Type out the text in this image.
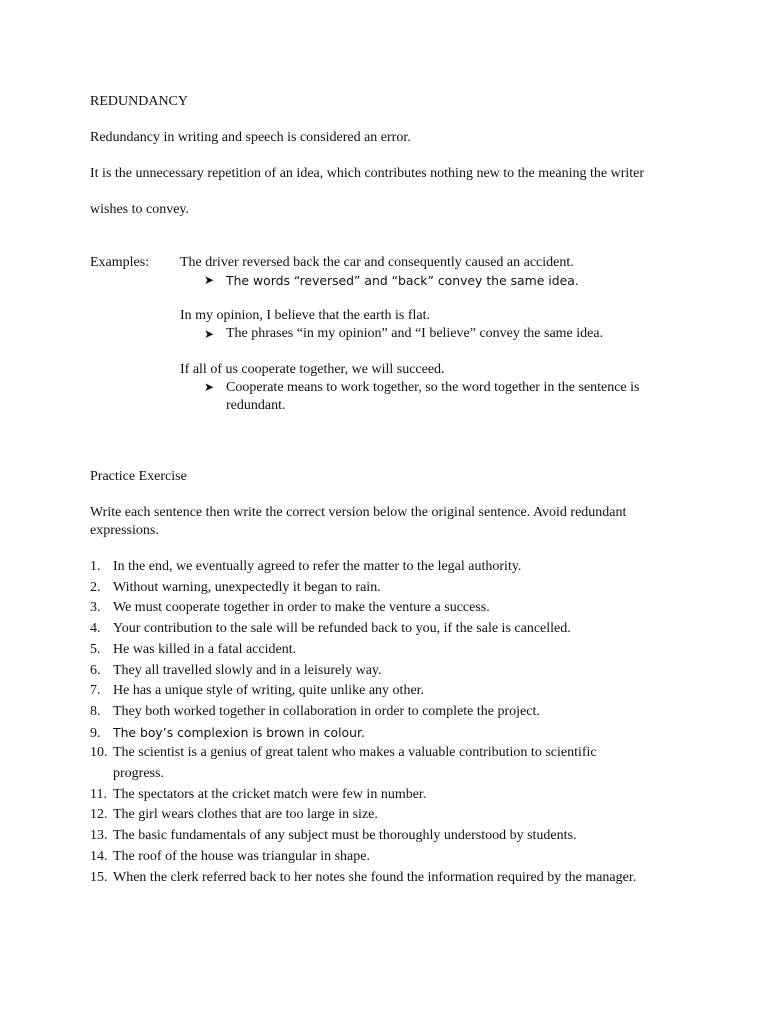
REDUNDANCY
Redundancy in writing and speech is considered an error.
It is the unnecessary repetition of an idea, which contributes nothing new to the meaning the writer
wishes to convey.
Examples: The driver reversed back the car and consequently caused an accident.
➤ The words “reversed” and “back” convey the same idea.
In my opinion, I believe that the earth is flat.
➤ The phrases “in my opinion” and “I believe” convey the same idea.
If all of us cooperate together, we will succeed.
➤ Cooperate means to work together, so the word together in the sentence is
redundant.
Practice Exercise
Write each sentence then write the correct version below the original sentence. Avoid redundant
expressions.
1. In the end, we eventually agreed to refer the matter to the legal authority.
2. Without warning, unexpectedly it began to rain.
3. We must cooperate together in order to make the venture a success.
4. Your contribution to the sale will be refunded back to you, if the sale is cancelled.
5. He was killed in a fatal accident.
6. They all travelled slowly and in a leisurely way.
7. He has a unique style of writing, quite unlike any other.
8. They both worked together in collaboration in order to complete the project.
9. The boy’s complexion is brown in colour.
10. The scientist is a genius of great talent who makes a valuable contribution to scientific
progress.
11. The spectators at the cricket match were few in number.
12. The girl wears clothes that are too large in size.
13. The basic fundamentals of any subject must be thoroughly understood by students.
14. The roof of the house was triangular in shape.
15. When the clerk referred back to her notes she found the information required by the manager.
